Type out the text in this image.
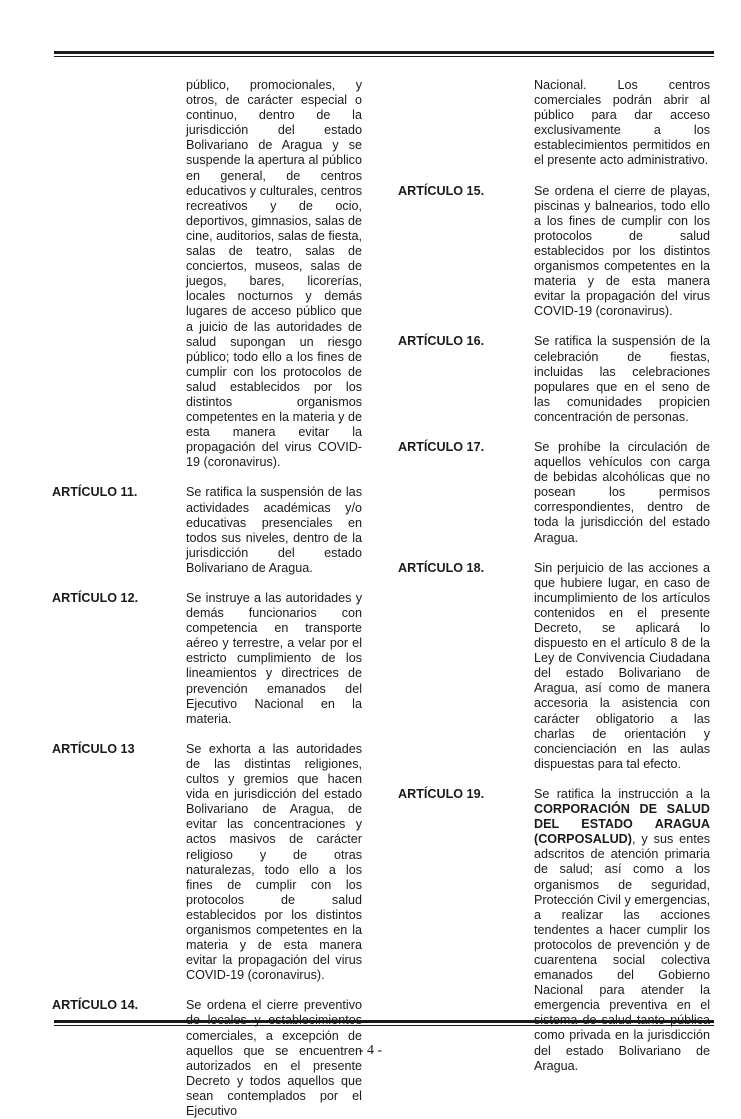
público, promocionales, y otros, de carácter especial o continuo, dentro de la jurisdicción del estado Bolivariano de Aragua y se suspende la apertura al público en general, de centros educativos y culturales, centros recreativos y de ocio, deportivos, gimnasios, salas de cine, auditorios, salas de fiesta, salas de teatro, salas de conciertos, museos, salas de juegos, bares, licorerías, locales nocturnos y demás lugares de acceso público que a juicio de las autoridades de salud supongan un riesgo público; todo ello a los fines de cumplir con los protocolos de salud establecidos por los distintos organismos competentes en la materia y de esta manera evitar la propagación del virus COVID-19 (coronavirus).
ARTÍCULO 11.	Se ratifica la suspensión de las actividades académicas y/o educativas presenciales en todos sus niveles, dentro de la jurisdicción del estado Bolivariano de Aragua.
ARTÍCULO 12.	Se instruye a las autoridades y demás funcionarios con competencia en transporte aéreo y terrestre, a velar por el estricto cumplimiento de los lineamientos y directrices de prevención emanados del Ejecutivo Nacional en la materia.
ARTÍCULO 13	Se exhorta a las autoridades de las distintas religiones, cultos y gremios que hacen vida en jurisdicción del estado Bolivariano de Aragua, de evitar las concentraciones y actos masivos de carácter religioso y de otras naturalezas, todo ello a los fines de cumplir con los protocolos de salud establecidos por los distintos organismos competentes en la materia y de esta manera evitar la propagación del virus COVID-19 (coronavirus).
ARTÍCULO 14.	Se ordena el cierre preventivo comerciales, a excepción de aquellos que se encuentren autorizados en el presente Decreto y todos aquellos que sean contemplados por el Ejecutivo
Nacional. Los centros comerciales podrán abrir al público para dar acceso exclusivamente a los establecimientos permitidos en el presente acto administrativo.
ARTÍCULO 15.	Se ordena el cierre de playas, piscinas y balnearios, todo ello a los fines de cumplir con los protocolos de salud establecidos por los distintos organismos competentes en la materia y de esta manera evitar la propagación del virus COVID-19 (coronavirus).
ARTÍCULO 16.	Se ratifica la suspensión de la celebración de fiestas, incluidas las celebraciones populares que en el seno de las comunidades propicien concentración de personas.
ARTÍCULO 17.	Se prohíbe la circulación de aquellos vehículos con carga de bebidas alcohólicas que no posean los permisos correspondientes, dentro de toda la jurisdicción del estado Aragua.
ARTÍCULO 18.	Sin perjuicio de las acciones a que hubiere lugar, en caso de incumplimiento de los artículos contenidos en el presente Decreto, se aplicará lo dispuesto en el artículo 8 de la Ley de Convivencia Ciudadana del estado Bolivariano de Aragua, así como de manera accesoria la asistencia con carácter obligatorio a las charlas de orientación y concienciación en las aulas dispuestas para tal efecto.
ARTÍCULO 19.	Se ratifica la instrucción a la CORPORACIÓN DE SALUD DEL ESTADO ARAGUA (CORPOSALUD), y sus entes adscritos de atención primaria de salud; así como a los organismos de seguridad, Protección Civil y emergencias, a realizar las acciones tendentes a hacer cumplir los protocolos de prevención y de cuarentena social colectiva emanados del Gobierno Nacional para atender la emergencia preventiva en el como privada en la jurisdicción del estado Bolivariano de Aragua.
- 4 -
